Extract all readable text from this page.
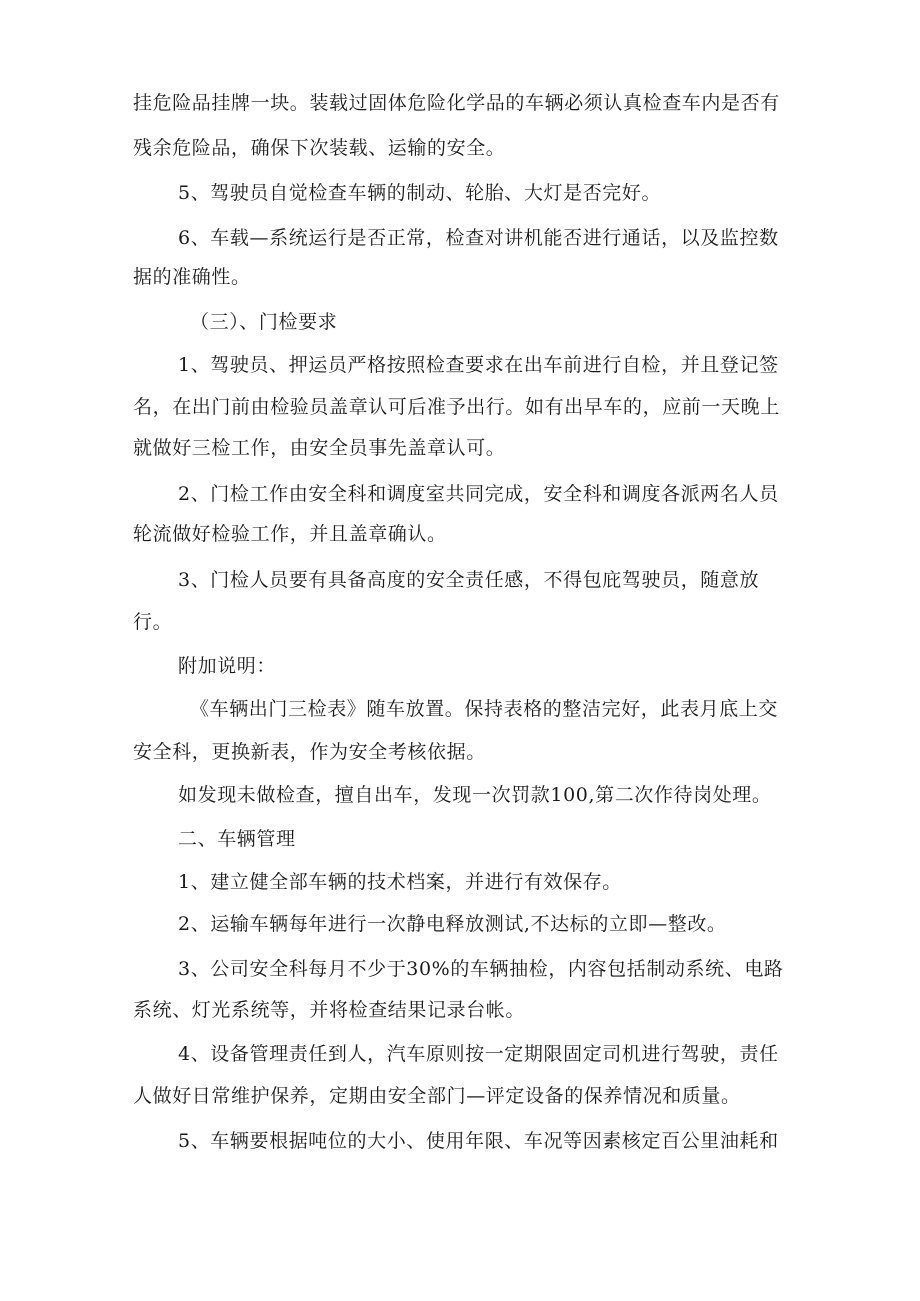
挂危险品挂牌一块。装载过固体危险化学品的车辆必须认真检查车内是否有
残余危险品，确保下次装载、运输的安全。
5、驾驶员自觉检查车辆的制动、轮胎、大灯是否完好。
6、车载—系统运行是否正常，检查对讲机能否进行通话，以及监控数
据的准确性。
（三）、门检要求
1、驾驶员、押运员严格按照检查要求在出车前进行自检，并且登记签
名，在出门前由检验员盖章认可后准予出行。如有出早车的，应前一天晚上
就做好三检工作，由安全员事先盖章认可。
2、门检工作由安全科和调度室共同完成，安全科和调度各派两名人员
轮流做好检验工作，并且盖章确认。
3、门检人员要有具备高度的安全责任感，不得包庇驾驶员，随意放
行。
附加说明：
《车辆出门三检表》随车放置。保持表格的整洁完好，此表月底上交
安全科，更换新表，作为安全考核依据。
如发现未做检查，擅自出车，发现一次罚款100,第二次作待岗处理。
二、车辆管理
1、建立健全部车辆的技术档案，并进行有效保存。
2、运输车辆每年进行一次静电释放测试,不达标的立即—整改。
3、公司安全科每月不少于30%的车辆抽检，内容包括制动系统、电路
系统、灯光系统等，并将检查结果记录台帐。
4、设备管理责任到人，汽车原则按一定期限固定司机进行驾驶，责任
人做好日常维护保养，定期由安全部门—评定设备的保养情况和质量。
5、车辆要根据吨位的大小、使用年限、车况等因素核定百公里油耗和
